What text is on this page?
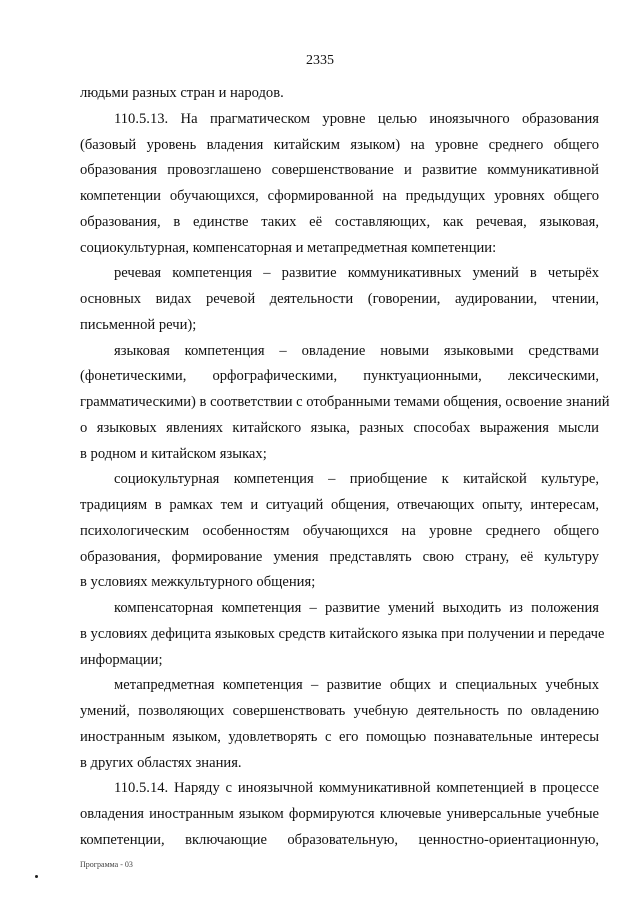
2335
людьми разных стран и народов.
110.5.13. На прагматическом уровне целью иноязычного образования
(базовый уровень владения китайским языком) на уровне среднего общего
образования провозглашено совершенствование и развитие коммуникативной
компетенции обучающихся, сформированной на предыдущих уровнях общего
образования, в единстве таких её составляющих, как речевая, языковая,
социокультурная, компенсаторная и метапредметная компетенции:
речевая компетенция – развитие коммуникативных умений в четырёх
основных видах речевой деятельности (говорении, аудировании, чтении,
письменной речи);
языковая компетенция – овладение новыми языковыми средствами
(фонетическими, орфографическими, пунктуационными, лексическими,
грамматическими) в соответствии с отобранными темами общения, освоение знаний
о языковых явлениях китайского языка, разных способах выражения мысли
в родном и китайском языках;
социокультурная компетенция – приобщение к китайской культуре,
традициям в рамках тем и ситуаций общения, отвечающих опыту, интересам,
психологическим особенностям обучающихся на уровне среднего общего
образования, формирование умения представлять свою страну, её культуру
в условиях межкультурного общения;
компенсаторная компетенция – развитие умений выходить из положения
в условиях дефицита языковых средств китайского языка при получении и передаче
информации;
метапредметная компетенция – развитие общих и специальных учебных
умений, позволяющих совершенствовать учебную деятельность по овладению
иностранным языком, удовлетворять с его помощью познавательные интересы
в других областях знания.
110.5.14. Наряду с иноязычной коммуникативной компетенцией в процессе
овладения иностранным языком формируются ключевые универсальные учебные
компетенции, включающие образовательную, ценностно-ориентационную,
Программа - 03
